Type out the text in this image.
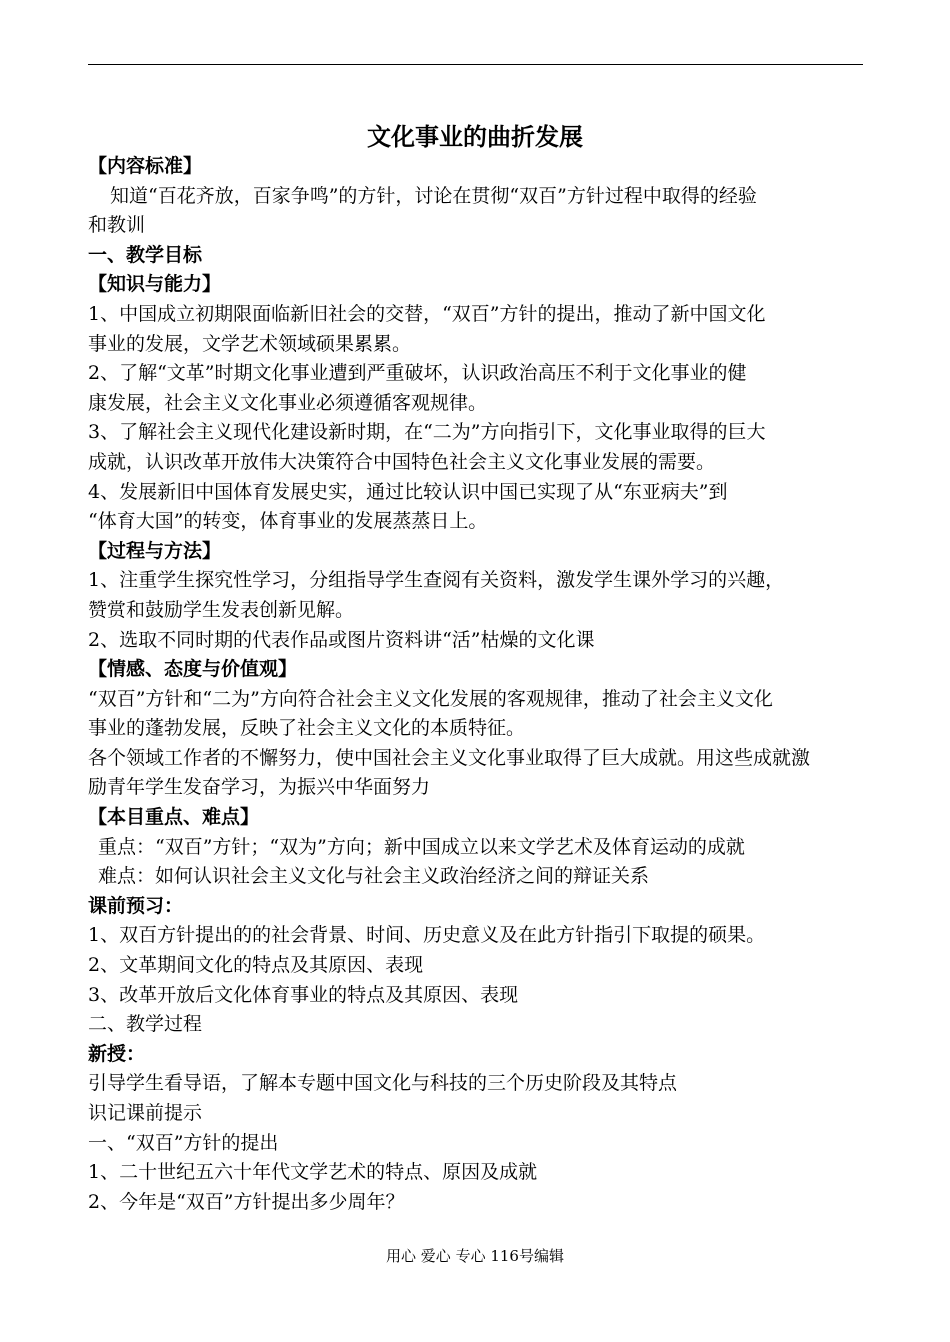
文化事业的曲折发展
【内容标准】
知道“百花齐放，百家争鸣”的方针，讨论在贯彻“双百”方针过程中取得的经验
和教训
一、教学目标
【知识与能力】
1、中国成立初期限面临新旧社会的交替，“双百”方针的提出，推动了新中国文化
事业的发展，文学艺术领域硕果累累。
2、了解“文革”时期文化事业遭到严重破坏，认识政治高压不利于文化事业的健
康发展，社会主义文化事业必须遵循客观规律。
3、了解社会主义现代化建设新时期，在“二为”方向指引下，文化事业取得的巨大
成就，认识改革开放伟大决策符合中国特色社会主义文化事业发展的需要。
4、发展新旧中国体育发展史实，通过比较认识中国已实现了从“东亚病夫”到
“体育大国”的转变，体育事业的发展蒸蒸日上。
【过程与方法】
1、注重学生探究性学习，分组指导学生查阅有关资料，激发学生课外学习的兴趣，
赞赏和鼓励学生发表创新见解。
2、选取不同时期的代表作品或图片资料讲“活”枯燥的文化课
【情感、态度与价值观】
“双百”方针和“二为”方向符合社会主义文化发展的客观规律，推动了社会主义文化
事业的蓬勃发展，反映了社会主义文化的本质特征。
各个领域工作者的不懈努力，使中国社会主义文化事业取得了巨大成就。用这些成就激
励青年学生发奋学习，为振兴中华面努力
【本目重点、难点】
重点：“双百”方针；“双为”方向；新中国成立以来文学艺术及体育运动的成就
难点：如何认识社会主义文化与社会主义政治经济之间的辩证关系
课前预习：
1、双百方针提出的的社会背景、时间、历史意义及在此方针指引下取提的硕果。
2、文革期间文化的特点及其原因、表现
3、改革开放后文化体育事业的特点及其原因、表现
二、教学过程
新授：
引导学生看导语，了解本专题中国文化与科技的三个历史阶段及其特点
识记课前提示
一、“双百”方针的提出
1、二十世纪五六十年代文学艺术的特点、原因及成就
2、今年是“双百”方针提出多少周年？
用心 爱心 专心 116号编辑
